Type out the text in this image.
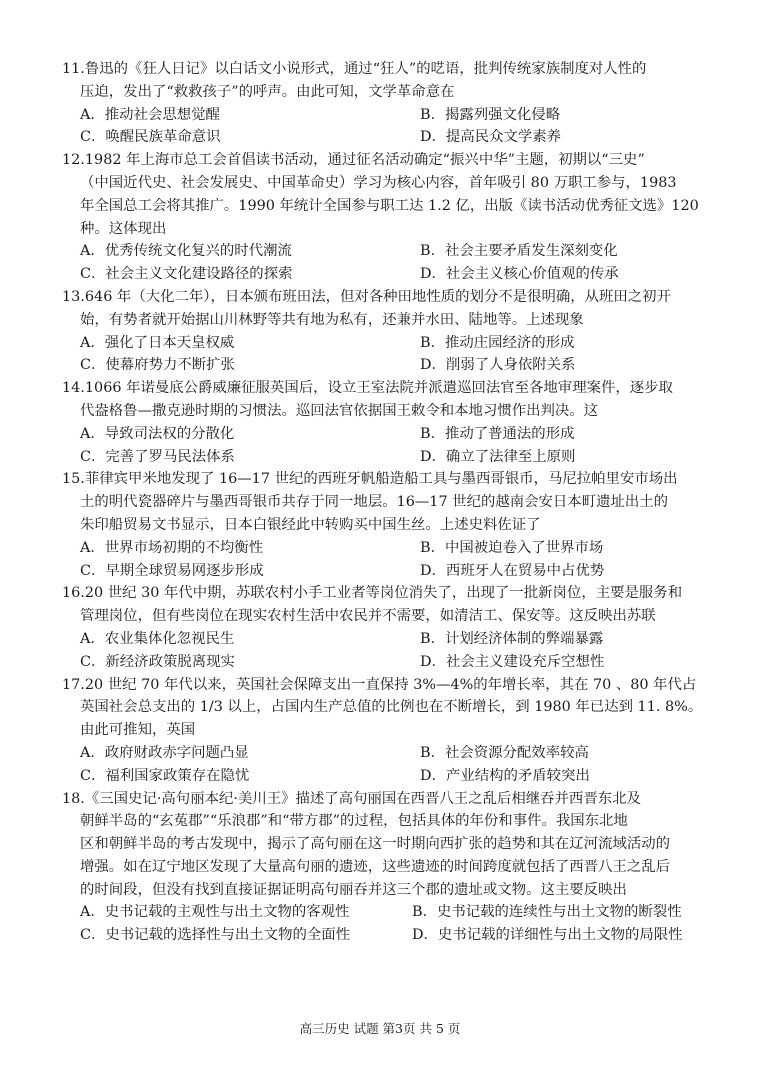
11.鲁迅的《狂人日记》以白话文小说形式，通过“狂人”的呓语，批判传统家族制度对人性的
压迫，发出了“救救孩子”的呼声。由此可知，文学革命意在
A．推动社会思想觉醒	B．揭露列强文化侵略
C．唤醒民族革命意识	D．提高民众文学素养
12.1982 年上海市总工会首倡读书活动，通过征名活动确定“振兴中华”主题，初期以“三史”
（中国近代史、社会发展史、中国革命史）学习为核心内容，首年吸引 80 万职工参与，1983
年全国总工会将其推广。1990 年统计全国参与职工达 1.2 亿，出版《读书活动优秀征文选》120
种。这体现出
A．优秀传统文化复兴的时代潮流	B．社会主要矛盾发生深刻变化
C．社会主义文化建设路径的探索	D．社会主义核心价值观的传承
13.646 年（大化二年），日本颁布班田法，但对各种田地性质的划分不是很明确，从班田之初开
始，有势者就开始据山川林野等共有地为私有，还兼并水田、陆地等。上述现象
A．强化了日本天皇权威	B．推动庄园经济的形成
C．使幕府势力不断扩张	D．削弱了人身依附关系
14.1066 年诺曼底公爵威廉征服英国后，设立王室法院并派遣巡回法官至各地审理案件，逐步取
代盎格鲁—撒克逊时期的习惯法。巡回法官依据国王敕令和本地习惯作出判决。这
A．导致司法权的分散化	B．推动了普通法的形成
C．完善了罗马民法体系	D．确立了法律至上原则
15.菲律宾甲米地发现了 16—17 世纪的西班牙帆船造船工具与墨西哥银币，马尼拉帕里安市场出
土的明代瓷器碎片与墨西哥银币共存于同一地层。16—17 世纪的越南会安日本町遗址出土的
朱印船贸易文书显示，日本白银经此中转购买中国生丝。上述史料佐证了
A．世界市场初期的不均衡性	B．中国被迫卷入了世界市场
C．早期全球贸易网逐步形成	D．西班牙人在贸易中占优势
16.20 世纪 30 年代中期，苏联农村小手工业者等岗位消失了，出现了一批新岗位，主要是服务和
管理岗位，但有些岗位在现实农村生活中农民并不需要，如清洁工、保安等。这反映出苏联
A．农业集体化忽视民生	B．计划经济体制的弊端暴露
C．新经济政策脱离现实	D．社会主义建设充斥空想性
17.20 世纪 70 年代以来，英国社会保障支出一直保持 3%—4%的年增长率，其在 70 、80 年代占
英国社会总支出的 1/3 以上，占国内生产总值的比例也在不断增长，到 1980 年已达到 11. 8%。
由此可推知，英国
A．政府财政赤字问题凸显	B．社会资源分配效率较高
C．福利国家政策存在隐忧	D．产业结构的矛盾较突出
18.《三国史记·高句丽本纪·美川王》描述了高句丽国在西晋八王之乱后相继吞并西晋东北及
朝鲜半岛的“玄菟郡”“乐浪郡”和“带方郡”的过程，包括具体的年份和事件。我国东北地
区和朝鲜半岛的考古发现中，揭示了高句丽在这一时期向西扩张的趋势和其在辽河流域活动的
增强。如在辽宁地区发现了大量高句丽的遗迹，这些遗迹的时间跨度就包括了西晋八王之乱后
的时间段，但没有找到直接证据证明高句丽吞并这三个郡的遗址或文物。这主要反映出
A．史书记载的主观性与出土文物的客观性	B．史书记载的连续性与出土文物的断裂性
C．史书记载的选择性与出土文物的全面性	D．史书记载的详细性与出土文物的局限性
高三历史 试题 第3页 共 5 页
